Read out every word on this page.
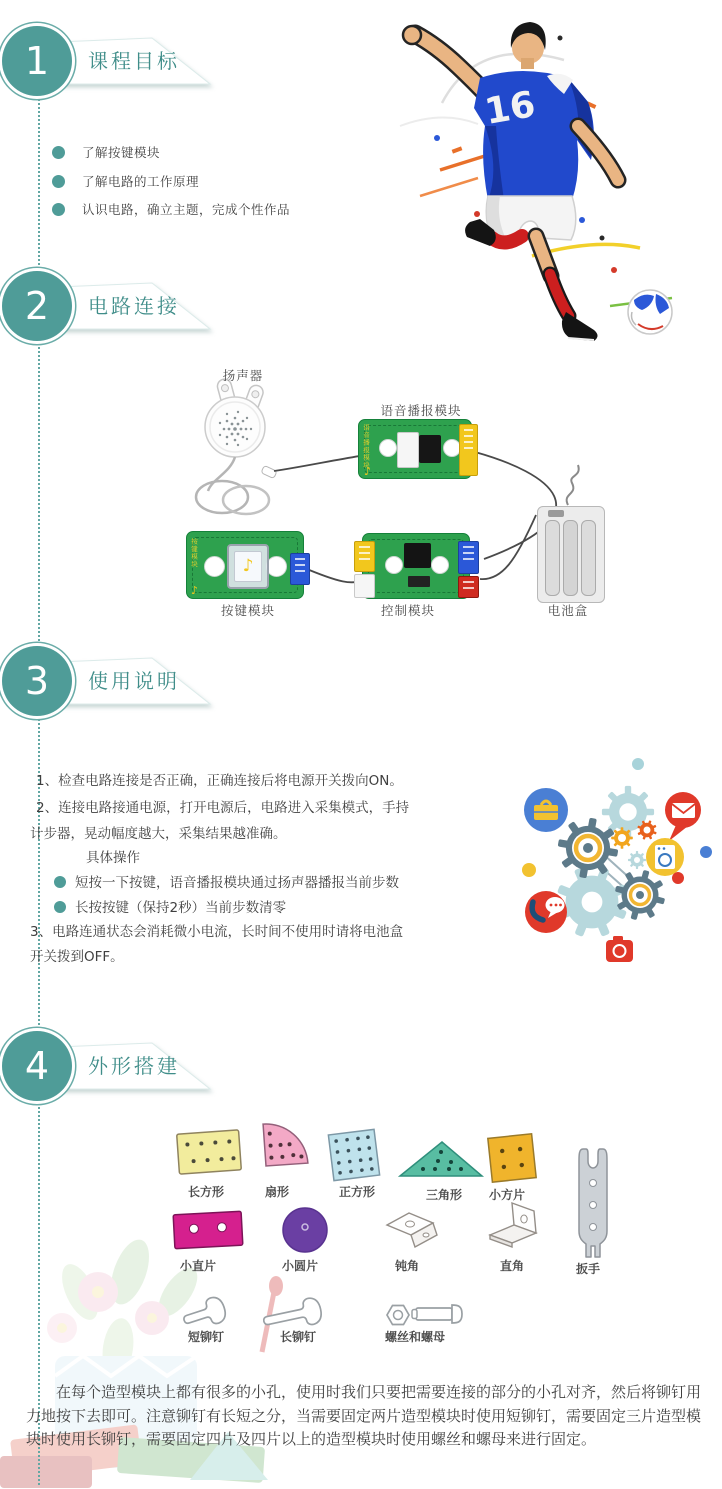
1 课程目标
2 电路连接
3 使用说明
4 外形搭建
了解按键模块
了解电路的工作原理
认识电路，确立主题，完成个性作品
16
语音播报模块
♪
按键模块
♪
♪
扬声器
语音播报模块
按键模块	控制模块	电池盒
1、检查电路连接是否正确，正确连接后将电源开关拨向ON。
2、连接电路接通电源，打开电源后，电路进入采集模式，手持
计步器，晃动幅度越大，采集结果越准确。
具体操作
短按一下按键，语音播报模块通过扬声器播报当前步数
长按按键（保持2秒）当前步数清零
3、电路连通状态会消耗微小电流，长时间不使用时请将电池盒
开关拨到OFF。
长方形	扇形	正方形	三角形	小方片
小直片	小圆片	钝角	直角	扳手
短铆钉	长铆钉	螺丝和螺母
在每个造型模块上都有很多的小孔，使用时我们只要把需要连接的部分的小孔对齐，然后将铆钉用力地按下去即可。注意铆钉有长短之分，当需要固定两片造型模块时使用短铆钉，需要固定三片造型模块时使用长铆钉，需要固定四片及四片以上的造型模块时使用螺丝和螺母来进行固定。
